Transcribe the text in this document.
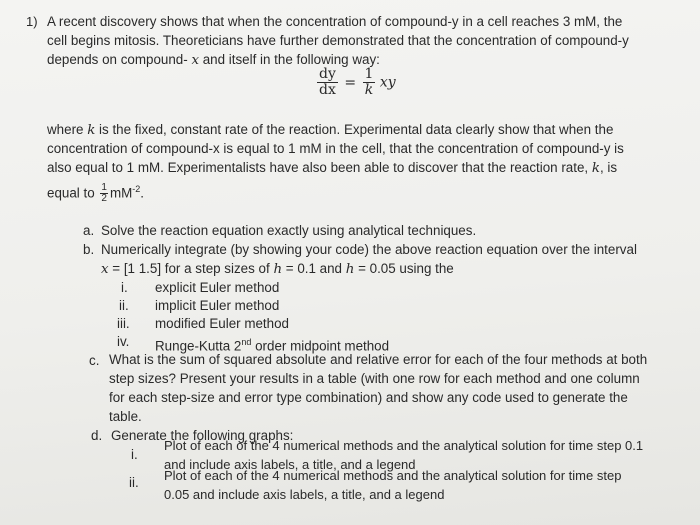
1) A recent discovery shows that when the concentration of compound-y in a cell reaches 3 mM, the
cell begins mitosis. Theoreticians have further demonstrated that the concentration of compound-y
depends on compound- x and itself in the following way:
$\frac{dy}{dx} = \frac{1}{k}$ xy
where k is the fixed, constant rate of the reaction. Experimental data clearly show that when the
concentration of compound-x is equal to 1 mM in the cell, that the concentration of compound-y is
also equal to 1 mM. Experimentalists have also been able to discover that the reaction rate, k, is
equal to $\frac{1}{2} mM^{-2}$.
a. Solve the reaction equation exactly using analytical techniques.
b. Numerically integrate (by showing your code) the above reaction equation over the interval
x = [1 1.5] for a step sizes of h = 0.1 and h = 0.05 using the
i. explicit Euler method
ii. implicit Euler method
iii. modified Euler method
iv. Runge-Kutta 2nd order midpoint method
c. What is the sum of squared absolute and relative error for each of the four methods at both
step sizes? Present your results in a table (with one row for each method and one column
for each step-size and error type combination) and show any code used to generate the
table.
d. Generate the following graphs:
i.
Plot of each of the 4 numerical methods and the analytical solution for time step 0.1
and include axis labels, a title, and a legend
ii. Plot of each of the 4 numerical methods and the analytical solution for time step
0.05 and include axis labels, a title, and a legend
